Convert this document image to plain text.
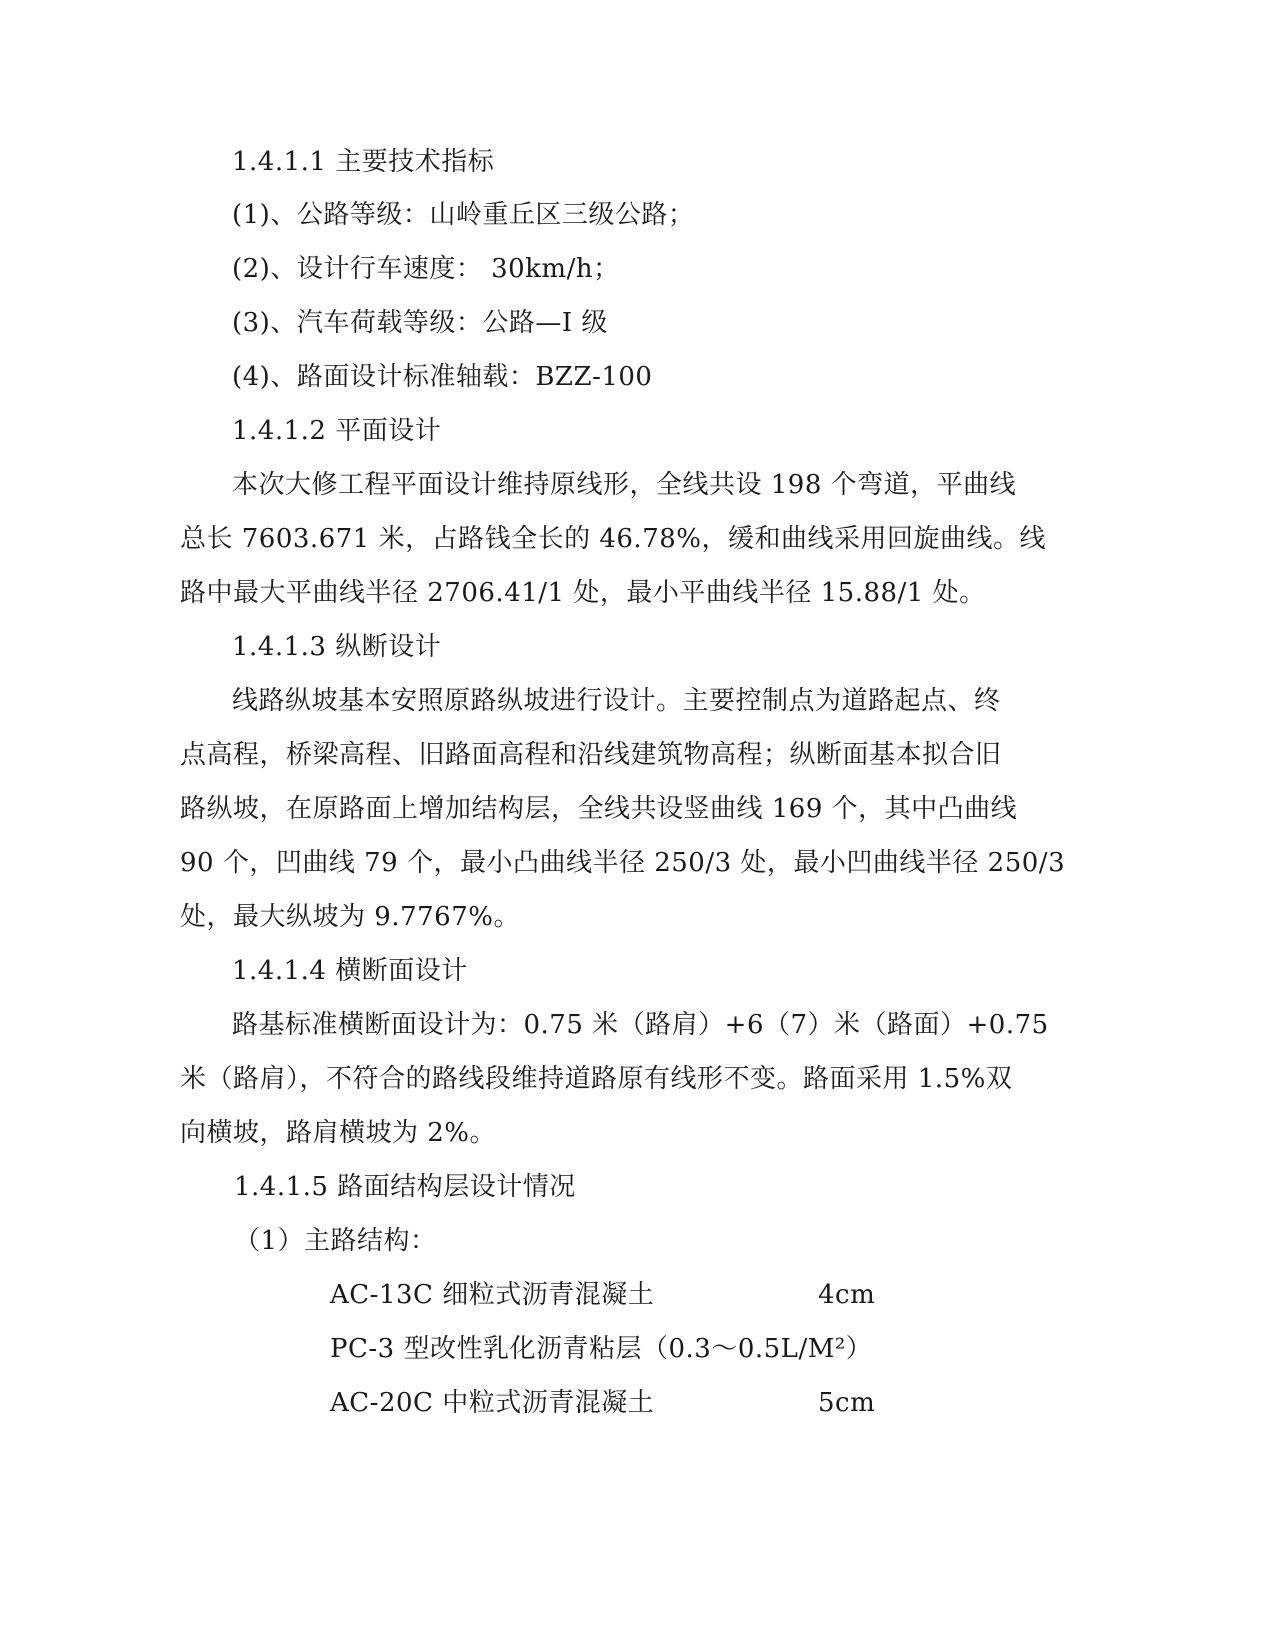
1.4.1.1 主要技术指标
(1)、公路等级：山岭重丘区三级公路；
(2)、设计行车速度： 30km/h；
(3)、汽车荷载等级：公路—I 级
(4)、路面设计标准轴载：BZZ-100
1.4.1.2 平面设计
本次大修工程平面设计维持原线形，全线共设 198 个弯道，平曲线
总长 7603.671 米，占路钱全长的 46.78%，缓和曲线采用回旋曲线。线
路中最大平曲线半径 2706.41/1 处，最小平曲线半径 15.88/1 处。
1.4.1.3 纵断设计
线路纵坡基本安照原路纵坡进行设计。主要控制点为道路起点、终
点高程，桥梁高程、旧路面高程和沿线建筑物高程；纵断面基本拟合旧
路纵坡，在原路面上增加结构层，全线共设竖曲线 169 个，其中凸曲线
90 个，凹曲线 79 个，最小凸曲线半径 250/3 处，最小凹曲线半径 250/3
处，最大纵坡为 9.7767%。
1.4.1.4 横断面设计
路基标准横断面设计为：0.75 米（路肩）+6（7）米（路面）+0.75
米（路肩），不符合的路线段维持道路原有线形不变。路面采用 1.5%双
向横坡，路肩横坡为 2%。
1.4.1.5 路面结构层设计情况
（1）主路结构：
AC-13C 细粒式沥青混凝土	4cm
PC-3 型改性乳化沥青粘层（0.3～0.5L/M²）
AC-20C 中粒式沥青混凝土	5cm
